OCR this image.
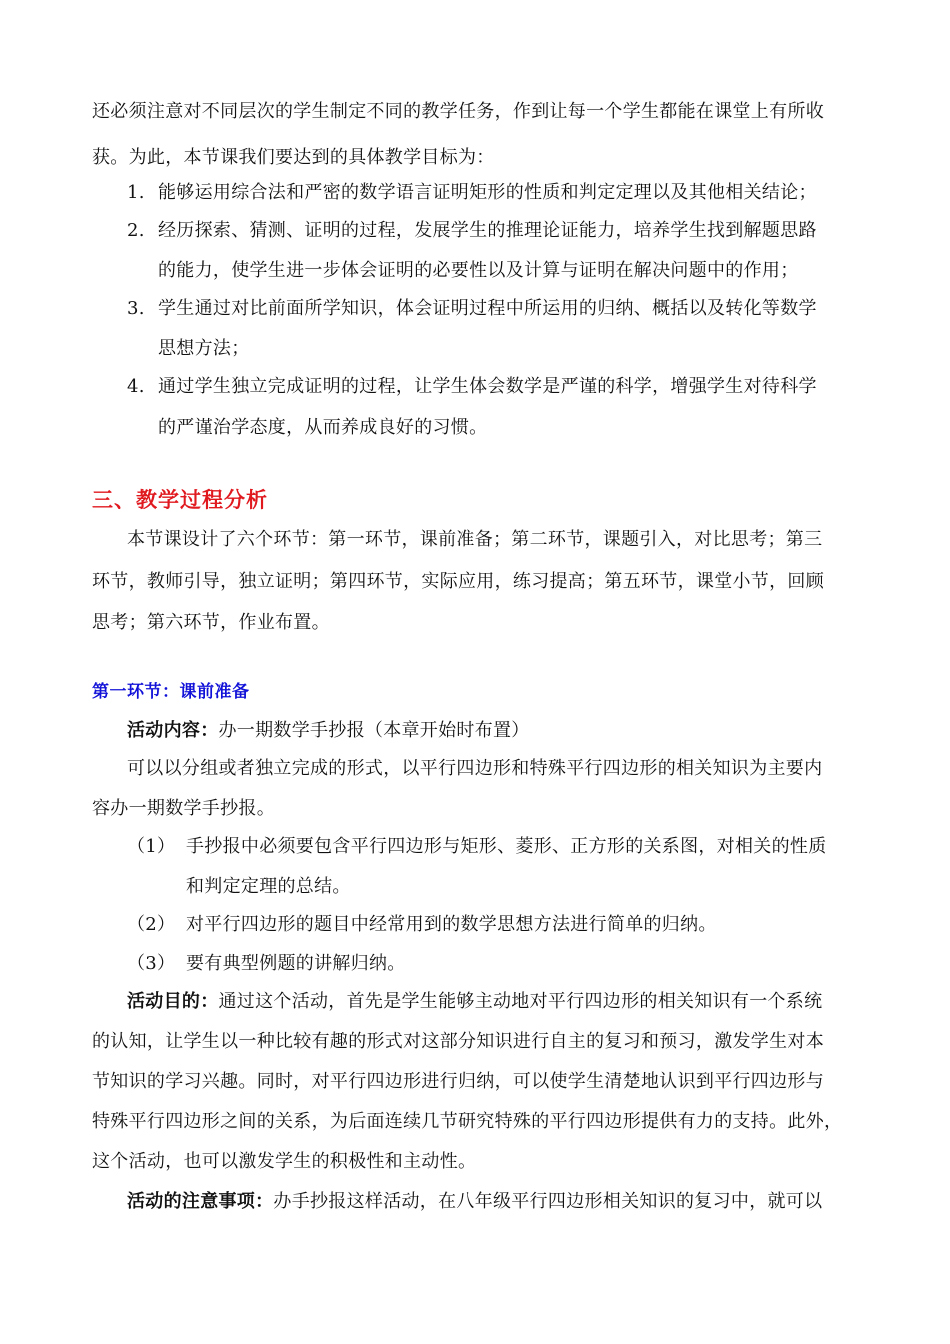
还必须注意对不同层次的学生制定不同的教学任务，作到让每一个学生都能在课堂上有所收
获。为此，本节课我们要达到的具体教学目标为：
1. 能够运用综合法和严密的数学语言证明矩形的性质和判定定理以及其他相关结论；
2. 经历探索、猜测、证明的过程，发展学生的推理论证能力，培养学生找到解题思路
的能力，使学生进一步体会证明的必要性以及计算与证明在解决问题中的作用；
3. 学生通过对比前面所学知识，体会证明过程中所运用的归纳、概括以及转化等数学
思想方法；
4. 通过学生独立完成证明的过程，让学生体会数学是严谨的科学，增强学生对待科学
的严谨治学态度，从而养成良好的习惯。
三、教学过程分析
本节课设计了六个环节：第一环节，课前准备；第二环节，课题引入，对比思考；第三
环节，教师引导，独立证明；第四环节，实际应用，练习提高；第五环节，课堂小节，回顾
思考；第六环节，作业布置。
第一环节：课前准备
活动内容：办一期数学手抄报（本章开始时布置）
可以以分组或者独立完成的形式，以平行四边形和特殊平行四边形的相关知识为主要内
容办一期数学手抄报。
（1） 手抄报中必须要包含平行四边形与矩形、菱形、正方形的关系图，对相关的性质
和判定定理的总结。
（2） 对平行四边形的题目中经常用到的数学思想方法进行简单的归纳。
（3） 要有典型例题的讲解归纳。
活动目的：通过这个活动，首先是学生能够主动地对平行四边形的相关知识有一个系统
的认知，让学生以一种比较有趣的形式对这部分知识进行自主的复习和预习，激发学生对本
节知识的学习兴趣。同时，对平行四边形进行归纳，可以使学生清楚地认识到平行四边形与
特殊平行四边形之间的关系，为后面连续几节研究特殊的平行四边形提供有力的支持。此外，
这个活动，也可以激发学生的积极性和主动性。
活动的注意事项：办手抄报这样活动，在八年级平行四边形相关知识的复习中，就可以
